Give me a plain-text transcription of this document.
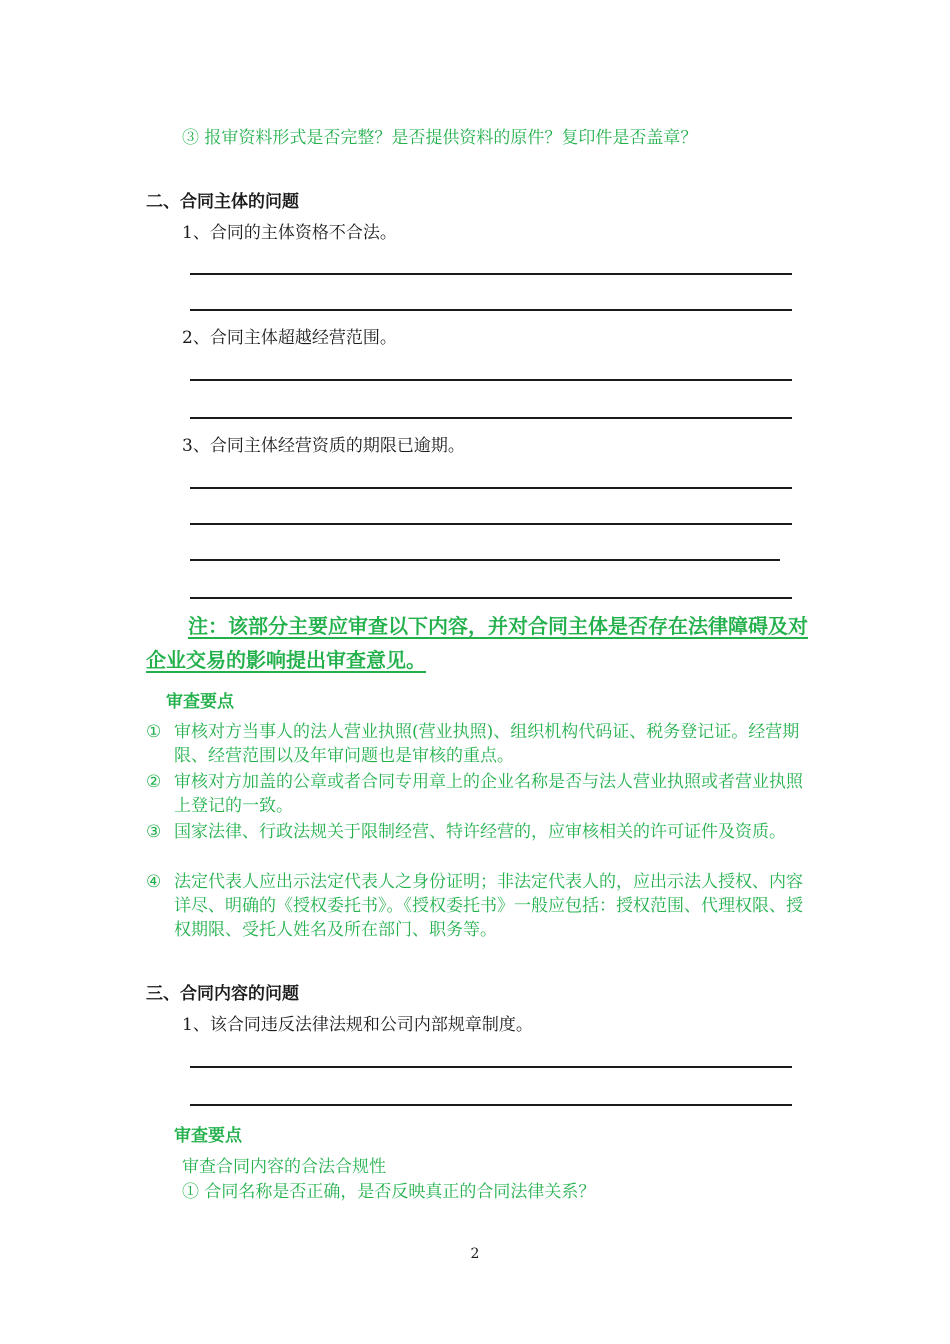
③ 报审资料形式是否完整？是否提供资料的原件？复印件是否盖章？
二、合同主体的问题
1、合同的主体资格不合法。
2、合同主体超越经营范围。
3、合同主体经营资质的期限已逾期。
注：该部分主要应审查以下内容，并对合同主体是否存在法律障碍及对企业交易的影响提出审查意见。
审查要点
① 审核对方当事人的法人营业执照(营业执照)、组织机构代码证、税务登记证。经营期限、经营范围以及年审问题也是审核的重点。
② 审核对方加盖的公章或者合同专用章上的企业名称是否与法人营业执照或者营业执照上登记的一致。
③ 国家法律、行政法规关于限制经营、特许经营的，应审核相关的许可证件及资质。
④ 法定代表人应出示法定代表人之身份证明；非法定代表人的，应出示法人授权、内容详尽、明确的《授权委托书》。《授权委托书》一般应包括：授权范围、代理权限、授权期限、受托人姓名及所在部门、职务等。
三、合同内容的问题
1、该合同违反法律法规和公司内部规章制度。
审查要点
审查合同内容的合法合规性
① 合同名称是否正确，是否反映真正的合同法律关系？
2
